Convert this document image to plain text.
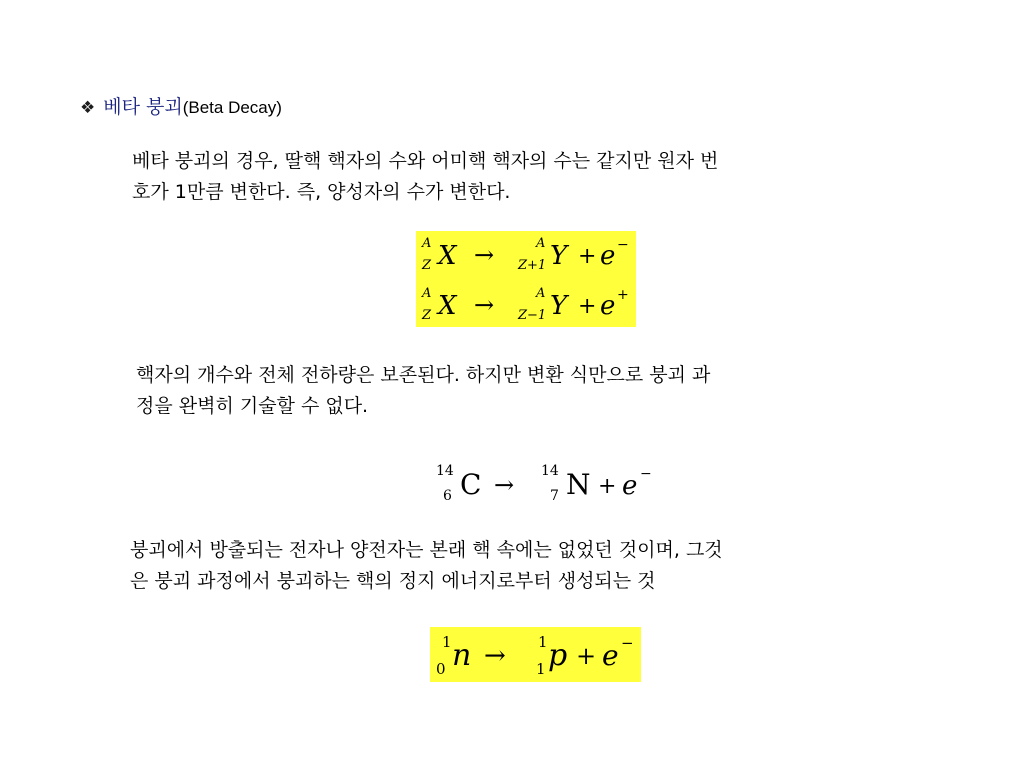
❖ 베타 붕괴(Beta Decay)
베타 붕괴의 경우, 딸핵 핵자의 수와 어미핵 핵자의 수는 같지만 원자 번
호가 1만큼 변한다. 즉, 양성자의 수가 변한다.
A
Z X →	A
Z+1 Y + e −
A
Z X →	A
Z−1 Y + e +
핵자의 개수와 전체 전하량은 보존된다. 하지만 변환 식만으로 붕괴 과
정을 완벽히 기술할 수 없다.
14
6 C → 14
7 N + e −
붕괴에서 방출되는 전자나 양전자는 본래 핵 속에는 없었던 것이며, 그것
은 붕괴 과정에서 붕괴하는 핵의 정지 에너지로부터 생성되는 것
1
0 n → 1
1 p + e −
